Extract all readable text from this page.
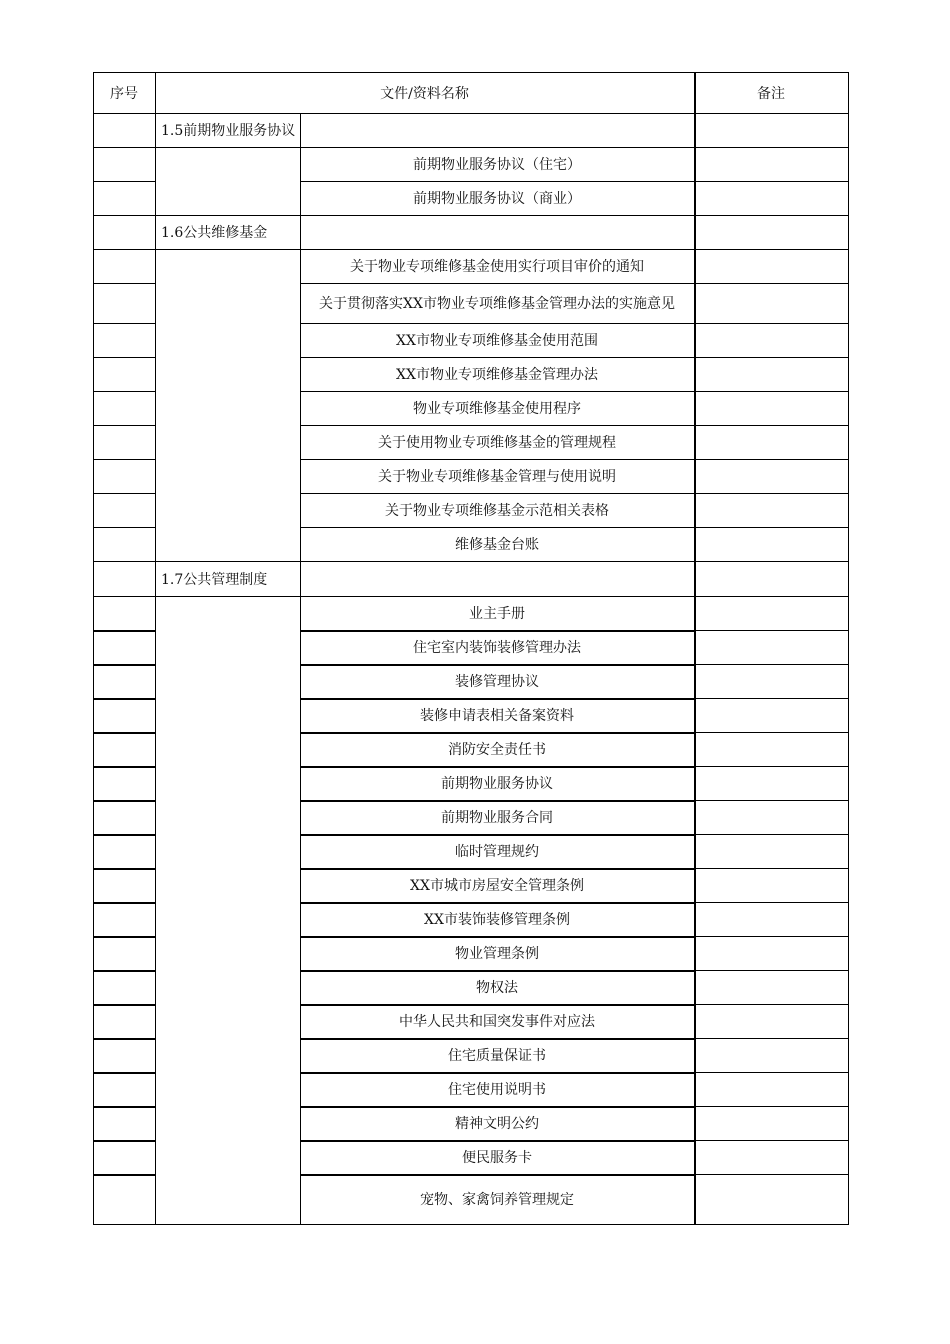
序号	文件/资料名称	备注
1.5前期物业服务协议
前期物业服务协议（住宅）
前期物业服务协议（商业）
1.6公共维修基金
关于物业专项维修基金使用实行项目审价的通知
关于贯彻落实XX市物业专项维修基金管理办法的实施意见
XX市物业专项维修基金使用范围
XX市物业专项维修基金管理办法
物业专项维修基金使用程序
关于使用物业专项维修基金的管理规程
关于物业专项维修基金管理与使用说明
关于物业专项维修基金示范相关表格
维修基金台账
1.7公共管理制度
业主手册
住宅室内装饰装修管理办法
装修管理协议
装修申请表相关备案资料
消防安全责任书
前期物业服务协议
前期物业服务合同
临时管理规约
XX市城市房屋安全管理条例
XX市装饰装修管理条例
物业管理条例
物权法
中华人民共和国突发事件对应法
住宅质量保证书
住宅使用说明书
精神文明公约
便民服务卡
宠物、家禽饲养管理规定
